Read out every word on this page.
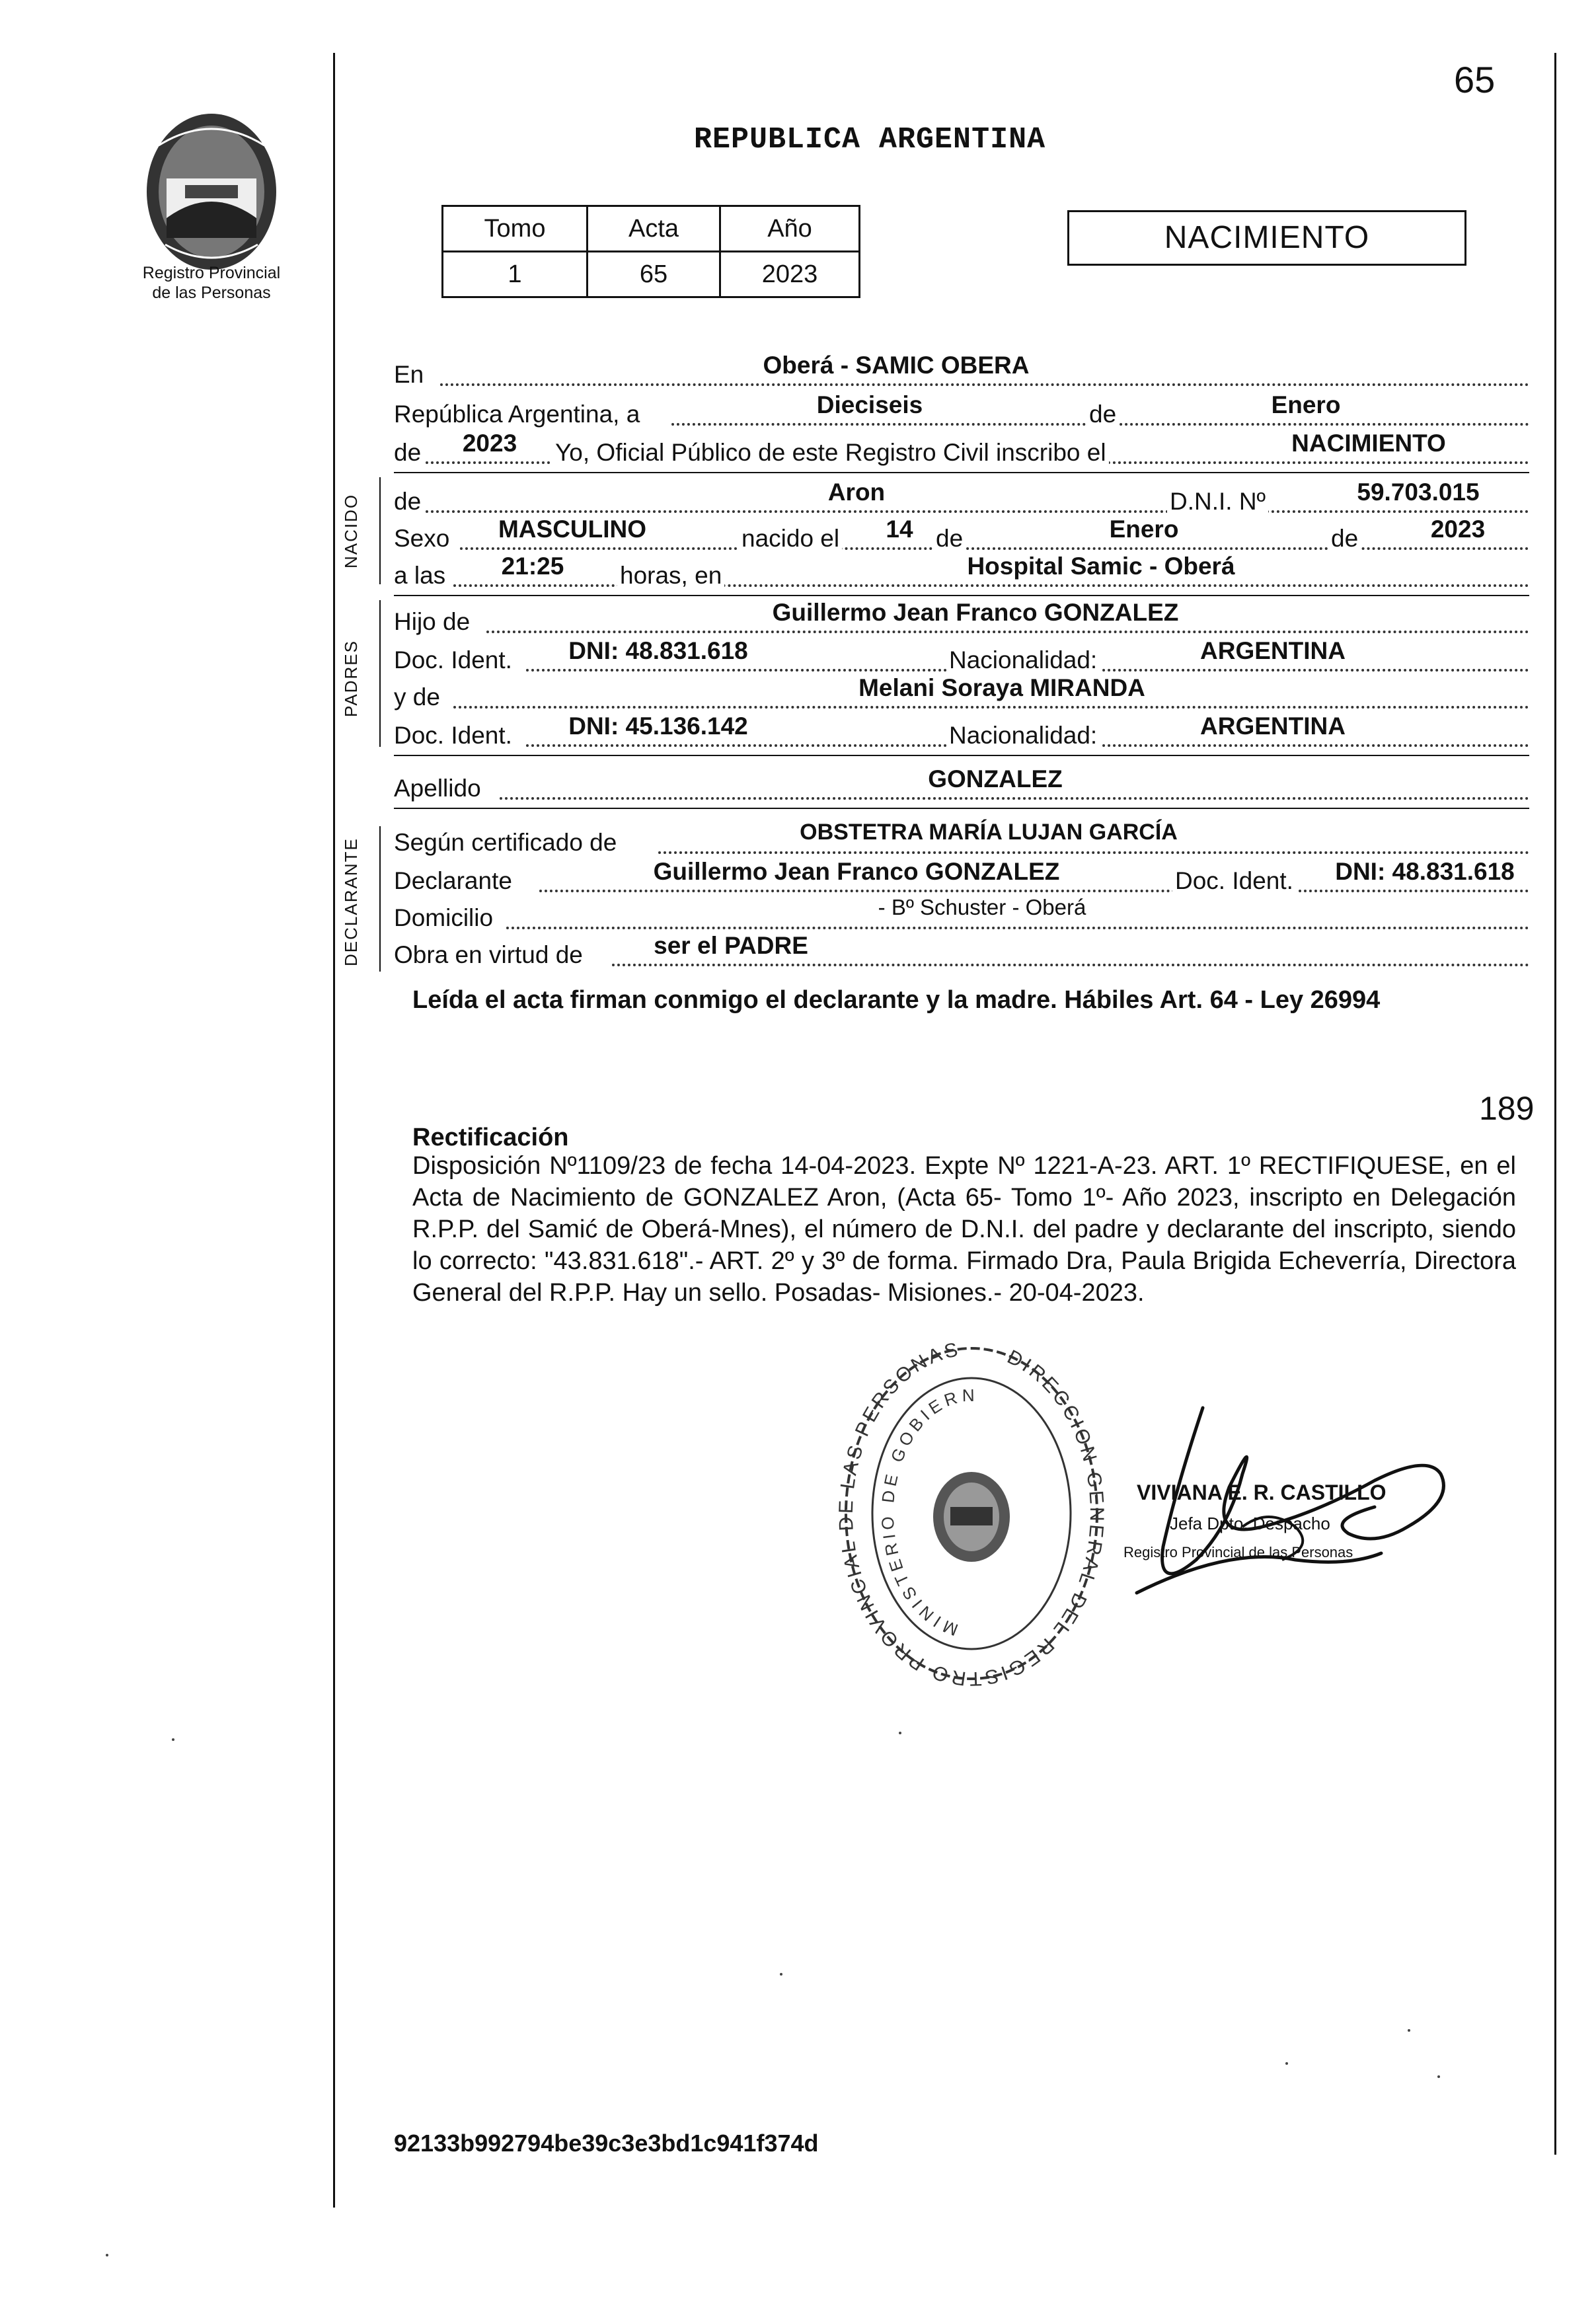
Registro Provincial
de las Personas
65
REPUBLICA ARGENTINA
Tomo	Acta	Año
1	65	2023
NACIMIENTO
En	Oberá - SAMIC OBERA
República Argentina, a	Dieciseis	de	Enero
de	2023	Yo, Oficial Público de este Registro Civil inscribo el	NACIMIENTO
NACIDO de	Aron	D.N.I. Nº	59.703.015
Sexo	MASCULINO	nacido el	14 de	Enero	de	2023
a las	21:25	horas, en	Hospital Samic - Oberá
PADRES
Hijo de	Guillermo Jean Franco GONZALEZ
Doc. Ident.	DNI: 48.831.618	Nacionalidad:	ARGENTINA
y de	Melani Soraya MIRANDA
Doc. Ident.	DNI: 45.136.142	Nacionalidad:	ARGENTINA
Apellido	GONZALEZ
DECLARANTE Según certificado de	OBSTETRA MARÍA LUJAN GARCÍA
Declarante	Guillermo Jean Franco GONZALEZ	Doc. Ident.	DNI: 48.831.618
Domicilio	- Bº Schuster - Oberá
Obra en virtud de	ser el PADRE
Leída el acta firman conmigo el declarante y la madre. Hábiles Art. 64 - Ley 26994
189
Rectificación
Disposición Nº1109/23 de fecha 14-04-2023. Expte Nº 1221-A-23. ART. 1º RECTIFIQUESE, en el Acta de Nacimiento de GONZALEZ Aron, (Acta 65- Tomo 1º- Año 2023, inscripto en Delegación R.P.P. del Samić de Oberá-Mnes), el número de D.N.I. del padre y declarante del inscripto, siendo lo correcto: "43.831.618".- ART. 2º y 3º de forma. Firmado Dra, Paula Brigida Echeverría, Directora General del R.P.P. Hay un sello. Posadas- Misiones.- 20-04-2023.
DIRECCION GENERAL DEL REGISTRO PROVINCIAL DE LAS PERSONAS
MINISTERIO DE GOBIERN
VIVIANA E. R. CASTILLO
Jefa Dpto. Despacho
Registro Provincial de las Personas
92133b992794be39c3e3bd1c941f374d
